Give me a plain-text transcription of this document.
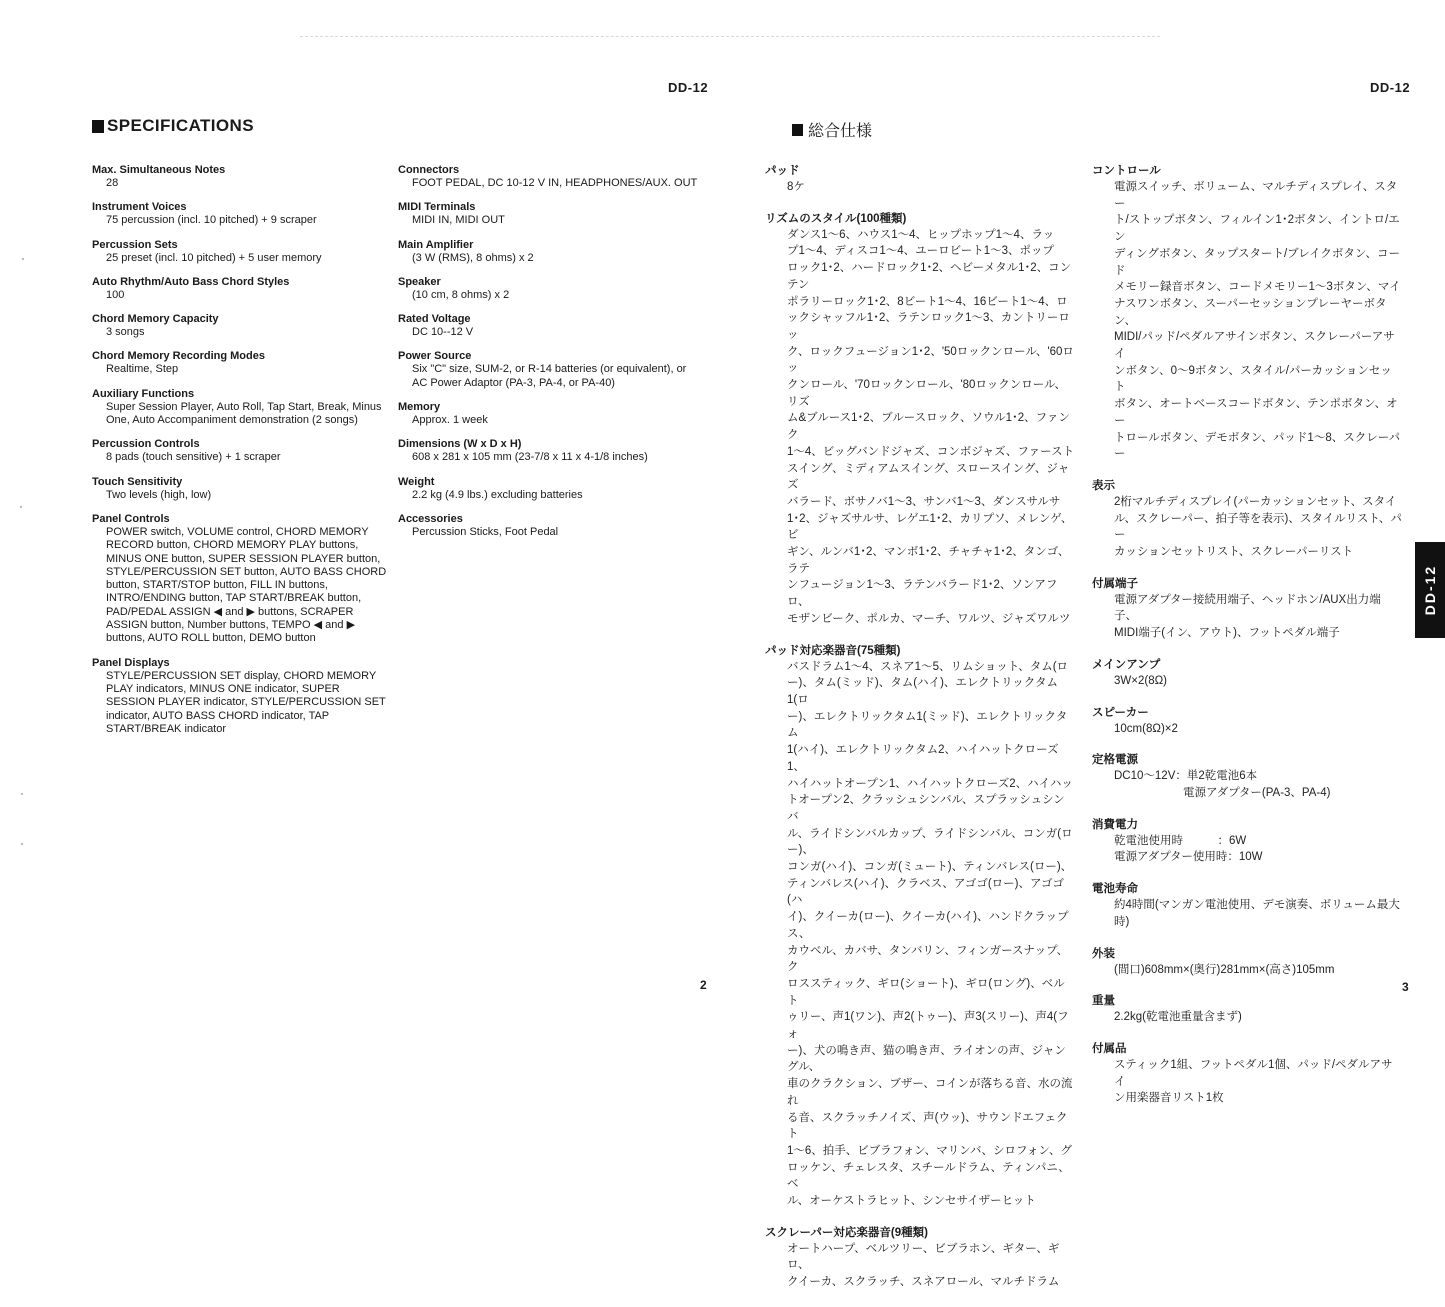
DD-12
SPECIFICATIONS
Max. Simultaneous Notes
28
Instrument Voices
75 percussion (incl. 10 pitched) + 9 scraper
Percussion Sets
25 preset (incl. 10 pitched) + 5 user memory
Auto Rhythm/Auto Bass Chord Styles
100
Chord Memory Capacity
3 songs
Chord Memory Recording Modes
Realtime, Step
Auxiliary Functions
Super Session Player, Auto Roll, Tap Start, Break, Minus
One, Auto Accompaniment demonstration (2 songs)
Percussion Controls
8 pads (touch sensitive) + 1 scraper
Touch Sensitivity
Two levels (high, low)
Panel Controls
POWER switch, VOLUME control, CHORD MEMORY
RECORD button, CHORD MEMORY PLAY buttons,
MINUS ONE button, SUPER SESSION PLAYER button,
STYLE/PERCUSSION SET button, AUTO BASS CHORD
button, START/STOP button, FILL IN buttons,
INTRO/ENDING button, TAP START/BREAK button,
PAD/PEDAL ASSIGN ◀ and ▶ buttons, SCRAPER
ASSIGN button, Number buttons, TEMPO ◀ and ▶
buttons, AUTO ROLL button, DEMO button
Panel Displays
STYLE/PERCUSSION SET display, CHORD MEMORY
PLAY indicators, MINUS ONE indicator, SUPER
SESSION PLAYER indicator, STYLE/PERCUSSION SET
indicator, AUTO BASS CHORD indicator, TAP
START/BREAK indicator
Connectors
FOOT PEDAL, DC 10-12 V IN, HEADPHONES/AUX. OUT
MIDI Terminals
MIDI IN, MIDI OUT
Main Amplifier
(3 W (RMS), 8 ohms) x 2
Speaker
(10 cm, 8 ohms) x 2
Rated Voltage
DC 10--12 V
Power Source
Six "C" size, SUM-2, or R-14 batteries (or equivalent), or
AC Power Adaptor (PA-3, PA-4, or PA-40)
Memory
Approx. 1 week
Dimensions (W x D x H)
608 x 281 x 105 mm (23-7/8 x 11 x 4-1/8 inches)
Weight
2.2 kg (4.9 lbs.) excluding batteries
Accessories
Percussion Sticks, Foot Pedal
2
DD-12
総合仕様
パッド
8ケ
リズムのスタイル(100種類)
ダンス1～6、ハウス1～4、ヒップホップ1～4、ラッ
プ1～4、ディスコ1～4、ユーロビート1～3、ポップ
ロック1･2、ハードロック1･2、ヘビーメタル1･2、コンテン
ポラリーロック1･2、8ビート1～4、16ビート1～4、ロ
ックシャッフル1･2、ラテンロック1～3、カントリーロッ
ク、ロックフュージョン1･2、'50ロックンロール、'60ロッ
クンロール、'70ロックンロール、'80ロックンロール、リズ
ム&ブルース1･2、ブルースロック、ソウル1･2、ファンク
1～4、ビッグバンドジャズ、コンボジャズ、ファースト
スイング、ミディアムスイング、スロースイング、ジャズ
バラード、ボサノバ1～3、サンバ1～3、ダンスサルサ
1･2、ジャズサルサ、レゲエ1･2、カリプソ、メレンゲ、ビ
ギン、ルンバ1･2、マンボ1･2、チャチャ1･2、タンゴ、ラテ
ンフュージョン1～3、ラテンバラード1･2、ソンアフロ、
モザンビーク、ポルカ、マーチ、ワルツ、ジャズワルツ
パッド対応楽器音(75種類)
バスドラム1～4、スネア1～5、リムショット、タム(ロ
ー)、タム(ミッド)、タム(ハイ)、エレクトリックタム1(ロ
ー)、エレクトリックタム1(ミッド)、エレクトリックタム
1(ハイ)、エレクトリックタム2、ハイハットクローズ1、
ハイハットオープン1、ハイハットクローズ2、ハイハッ
トオープン2、クラッシュシンバル、スプラッシュシンバ
ル、ライドシンバルカップ、ライドシンバル、コンガ(ロー)、
コンガ(ハイ)、コンガ(ミュート)、ティンバレス(ロー)、
ティンバレス(ハイ)、クラベス、アゴゴ(ロー)、アゴゴ(ハ
イ)、クイーカ(ロー)、クイーカ(ハイ)、ハンドクラップス、
カウベル、カバサ、タンバリン、フィンガースナップ、ク
ロススティック、ギロ(ショート)、ギロ(ロング)、ベルト
ゥリー、声1(ワン)、声2(トゥー)、声3(スリー)、声4(フォ
ー)、犬の鳴き声、猫の鳴き声、ライオンの声、ジャングル、
車のクラクション、ブザー、コインが落ちる音、水の流れ
る音、スクラッチノイズ、声(ウッ)、サウンドエフェクト
1～6、拍手、ビブラフォン、マリンバ、シロフォン、グ
ロッケン、チェレスタ、スチールドラム、ティンパニ、ベ
ル、オーケストラヒット、シンセサイザーヒット
スクレーパー対応楽器音(9種類)
オートハープ、ベルツリー、ビブラホン、ギター、ギロ、
クイーカ、スクラッチ、スネアロール、マルチドラム
コントロール
電源スイッチ、ボリューム、マルチディスプレイ、スター
ト/ストップボタン、フィルイン1･2ボタン、イントロ/エン
ディングボタン、タップスタート/ブレイクボタン、コード
メモリー録音ボタン、コードメモリー1～3ボタン、マイ
ナスワンボタン、スーパーセッションプレーヤーボタン、
MIDI/パッド/ペダルアサインボタン、スクレーパーアサイ
ンボタン、0～9ボタン、スタイル/パーカッションセット
ボタン、オートベースコードボタン、テンポボタン、オー
トロールボタン、デモボタン、パッド1～8、スクレーパ
ー
表示
2桁マルチディスプレイ(パーカッションセット、スタイ
ル、スクレーパー、拍子等を表示)、スタイルリスト、パー
カッションセットリスト、スクレーパーリスト
付属端子
電源アダプター接続用端子、ヘッドホン/AUX出力端子、
MIDI端子(イン、アウト)、フットペダル端子
メインアンプ
3W×2(8Ω)
スピーカー
10cm(8Ω)×2
定格電源
DC10～12V：単2乾電池6本
　　　　　　電源アダプター(PA-3、PA-4)
消費電力
乾電池使用時　　　：6W
電源アダプター使用時：10W
電池寿命
約4時間(マンガン電池使用、デモ演奏、ボリューム最大時)
外装
(間口)608mm×(奥行)281mm×(高さ)105mm
重量
2.2kg(乾電池重量含まず)
付属品
スティック1組、フットペダル1個、パッド/ペダルアサイ
ン用楽器音リスト1枚
DD-12
3
